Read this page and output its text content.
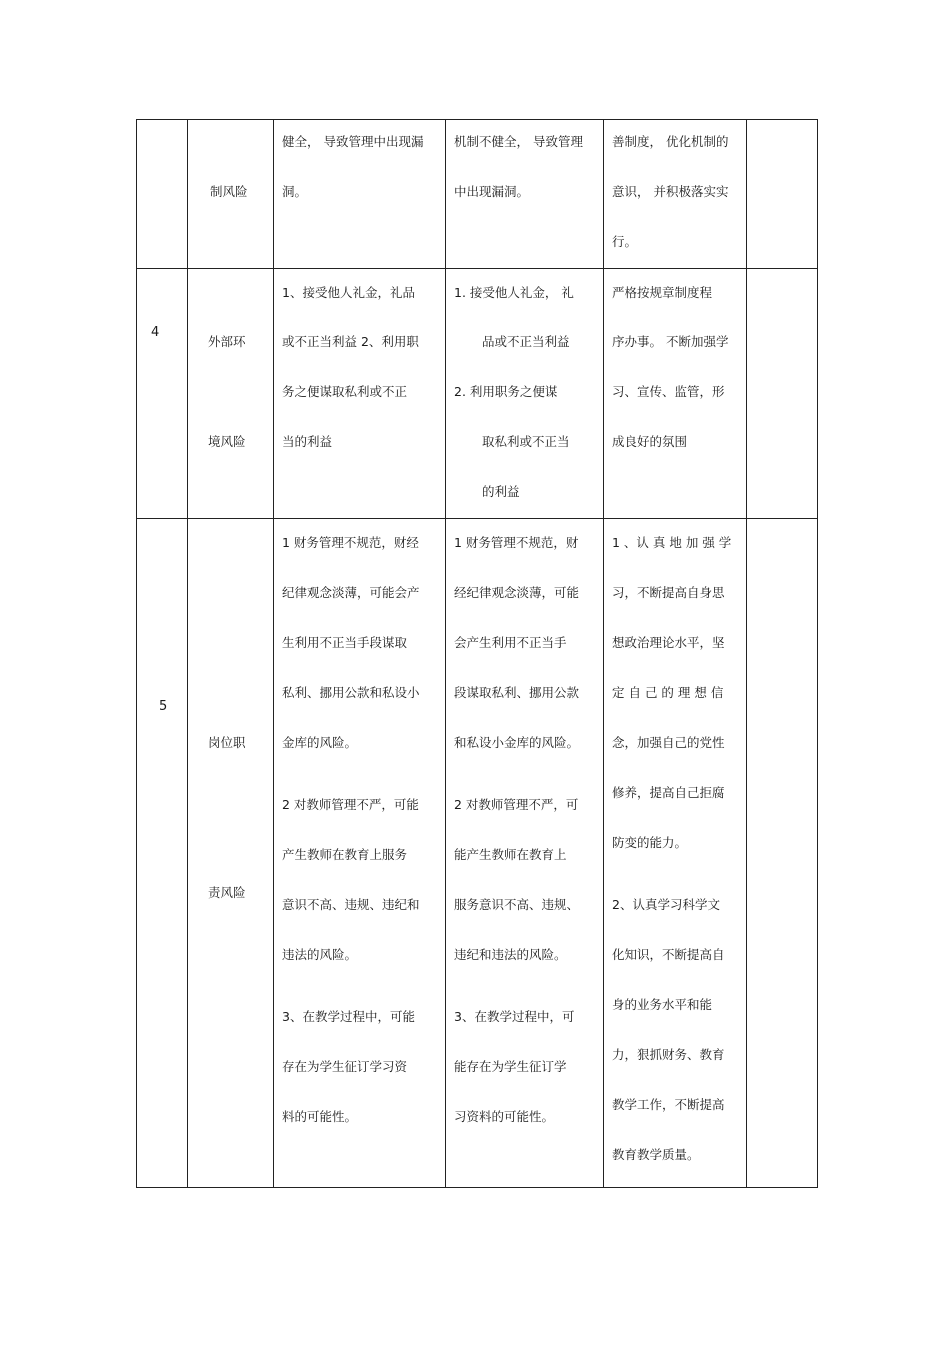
制风险
健全， 导致管理中出现漏
洞。
机制不健全， 导致管理
中出现漏洞。
善制度， 优化机制的
意识， 并积极落实实
行。
4
外部环
境风险
1、接受他人礼金，礼品
或不正当利益 2、利用职
务之便谋取私利或不正
当的利益
1. 接受他人礼金， 礼
品或不正当利益
2. 利用职务之便谋
取私利或不正当
的利益
严格按规章制度程
序办事。 不断加强学
习、宣传、监管，形
成良好的氛围
5
岗位职
责风险
1 财务管理不规范，财经
纪律观念淡薄，可能会产
生利用不正当手段谋取
私利、挪用公款和私设小
金库的风险。
2 对教师管理不严，可能
产生教师在教育上服务
意识不高、违规、违纪和
违法的风险。
3、在教学过程中，可能
存在为学生征订学习资
料的可能性。
1 财务管理不规范，财
经纪律观念淡薄，可能
会产生利用不正当手
段谋取私利、挪用公款
和私设小金库的风险。
2 对教师管理不严，可
能产生教师在教育上
服务意识不高、违规、
违纪和违法的风险。
3、在教学过程中，可
能存在为学生征订学
习资料的可能性。
1 、认 真 地 加 强 学
习，不断提高自身思
想政治理论水平，坚
定 自 己 的 理 想 信
念，加强自己的党性
修养，提高自己拒腐
防变的能力。
2、认真学习科学文
化知识，不断提高自
身的业务水平和能
力，狠抓财务、教育
教学工作，不断提高
教育教学质量。
